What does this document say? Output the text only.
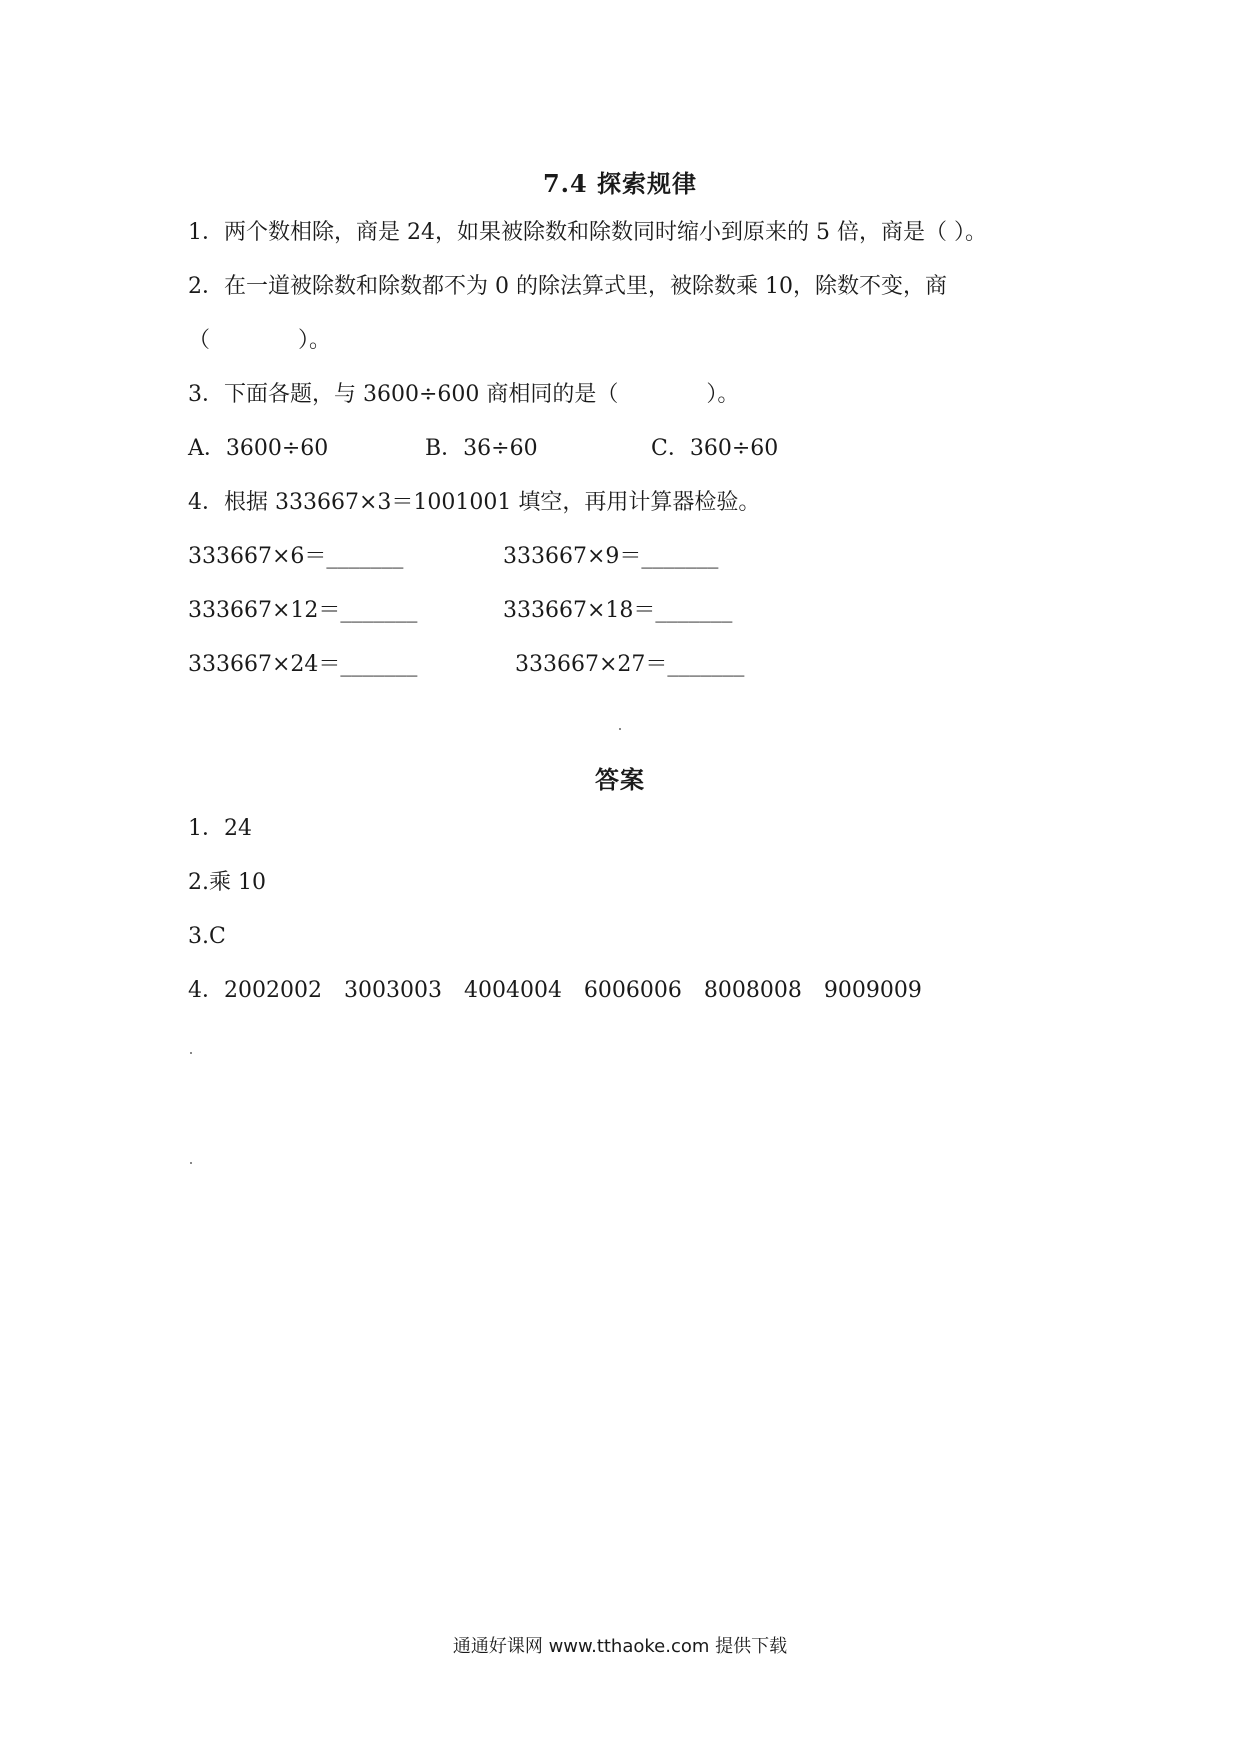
7.4 探索规律
1．两个数相除，商是 24，如果被除数和除数同时缩小到原来的 5 倍，商是（ ）。
2．在一道被除数和除数都不为 0 的除法算式里，被除数乘 10，除数不变，商
（　　　　）。
3．下面各题，与 3600÷600 商相同的是（　　　　）。
A．3600÷60	B．36÷60	C．360÷60
4．根据 333667×3＝1001001 填空，再用计算器检验。
333667×6＝_______	333667×9＝_______
333667×12＝_______	333667×18＝_______
333667×24＝_______	333667×27＝_______
答案
1．24
2.乘 10
3.C
4．2002002　3003003　4004004　6006006　8008008　9009009
通通好课网 www.tthaoke.com 提供下载
